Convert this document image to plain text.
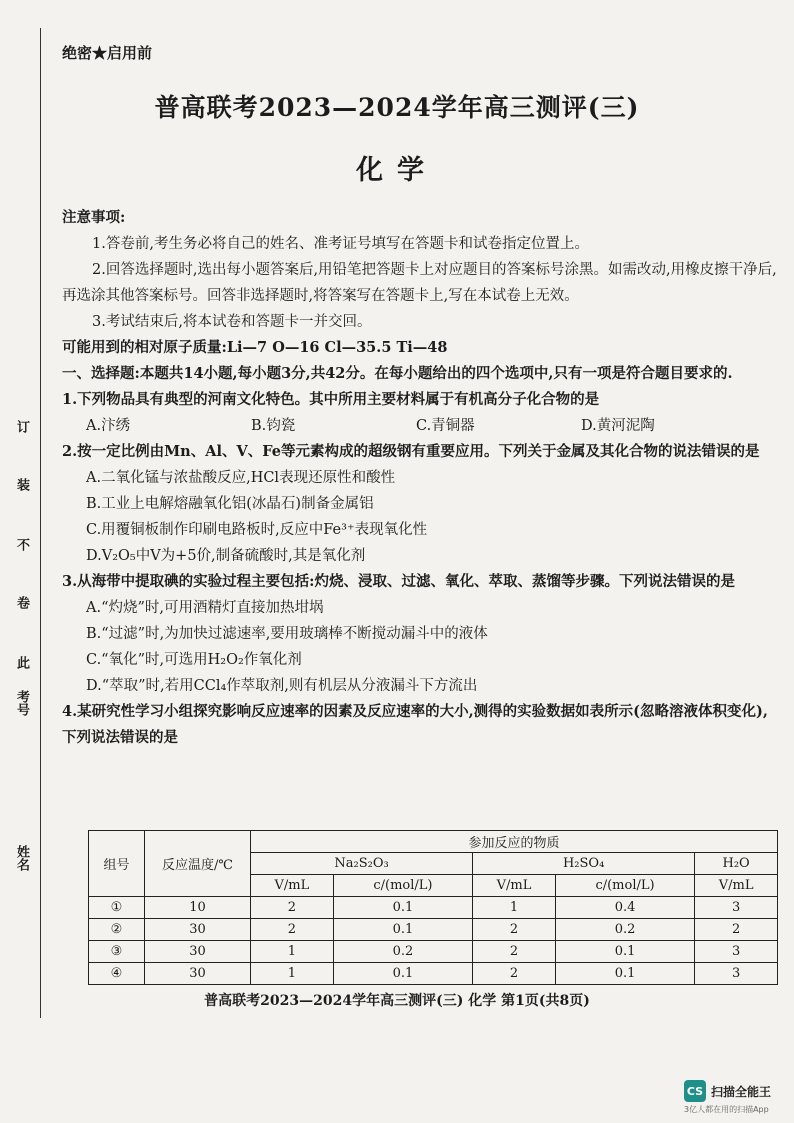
订
装
不
卷
此
考号
姓名
绝密★启用前
普高联考2023—2024学年高三测评(三)
化学

注意事项:

1.答卷前,考生务必将自己的姓名、准考证号填写在答题卡和试卷指定位置上。

2.回答选择题时,选出每小题答案后,用铅笔把答题卡上对应题目的答案标号涂黑。如需改动,用橡皮擦干净后,再选涂其他答案标号。回答非选择题时,将答案写在答题卡上,写在本试卷上无效。

3.考试结束后,将本试卷和答题卡一并交回。

可能用到的相对原子质量:Li—7 O—16 Cl—35.5 Ti—48

一、选择题:本题共14小题,每小题3分,共42分。在每小题给出的四个选项中,只有一项是符合题目要求的.

1.下列物品具有典型的河南文化特色。其中所用主要材料属于有机高分子化合物的是

A.汴绣	B.钧瓷	C.青铜器	D.黄河泥陶

2.按一定比例由Mn、Al、V、Fe等元素构成的超级钢有重要应用。下列关于金属及其化合物的说法错误的是

A.二氧化锰与浓盐酸反应,HCl表现还原性和酸性

B.工业上电解熔融氧化铝(冰晶石)制备金属铝

C.用覆铜板制作印刷电路板时,反应中Fe³⁺表现氧化性

D.V₂O₅中V为+5价,制备硫酸时,其是氧化剂

3.从海带中提取碘的实验过程主要包括:灼烧、浸取、过滤、氧化、萃取、蒸馏等步骤。下列说法错误的是

A.“灼烧”时,可用酒精灯直接加热坩埚

B.“过滤”时,为加快过滤速率,要用玻璃棒不断搅动漏斗中的液体

C.“氧化”时,可选用H₂O₂作氧化剂

D.“萃取”时,若用CCl₄作萃取剂,则有机层从分液漏斗下方流出

4.某研究性学习小组探究影响反应速率的因素及反应速率的大小,测得的实验数据如表所示(忽略溶液体积变化),下列说法错误的是

组号	反应温度/℃	参加反应的物质				
		Na₂S₂O₃		H₂SO₄		H₂O
		V/mL	c/(mol/L)	V/mL	c/(mol/L)	V/mL
①	10	2	0.1	1	0.4	3
②	30	2	0.1	2	0.2	2
③	30	1	0.2	2	0.1	3
④	30	1	0.1	2	0.1	3
普高联考2023—2024学年高三测评(三) 化学 第1页(共8页)
CS 扫描全能王
3亿人都在用的扫描App
